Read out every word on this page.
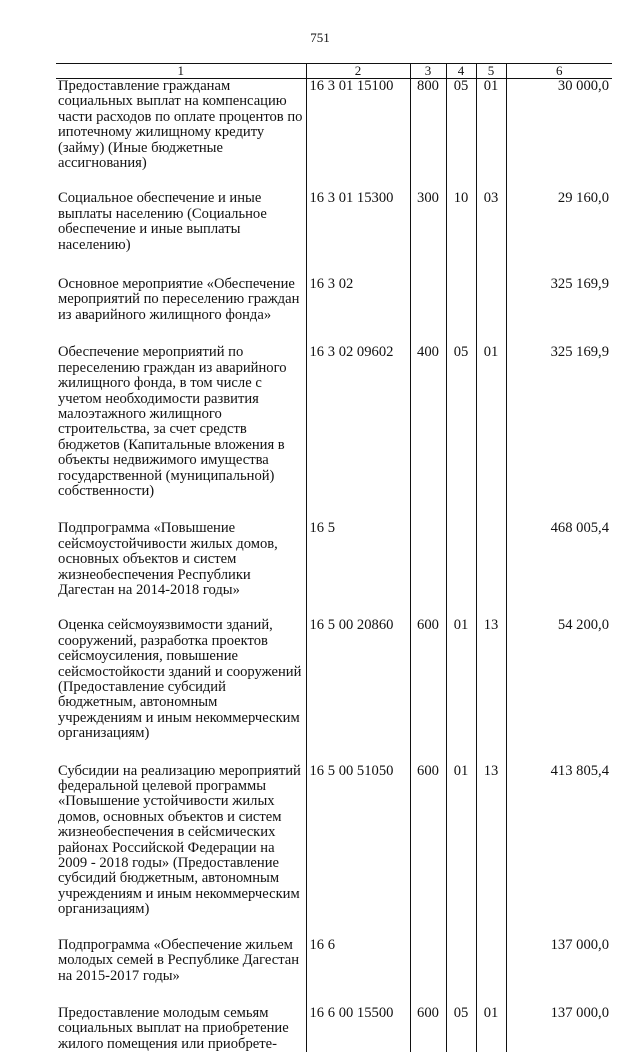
751
1	2	3	4	5	6
Предоставление гражданам социальных выплат на компенсацию части расходов по оплате процентов по ипотечному жилищному кредиту (займу) (Иные бюджетные ассигнования)	16 3 01 15100	800	05	01	30 000,0
Социальное обеспечение и иные выплаты населению (Социальное обеспечение и иные выплаты населению)	16 3 01 15300	300	10	03	29 160,0
Основное мероприятие «Обеспечение мероприятий по переселению граждан из аварийного жилищного фонда»	16 3 02				325 169,9
Обеспечение мероприятий по переселению граждан из аварийного жилищного фонда, в том числе с учетом необходимости развития малоэтажного жилищного строительства, за счет средств бюджетов (Капитальные вложения в объекты недвижимого имущества государственной (муниципальной) собственности)	16 3 02 09602	400	05	01	325 169,9
Подпрограмма «Повышение сейсмоустойчивости жилых домов, основных объектов и систем жизнеобеспечения Республики Дагестан на 2014-2018 годы»	16 5				468 005,4
Оценка сейсмоуязвимости зданий, сооружений, разработка проектов сейсмоусиления, повышение сейсмостойкости зданий и сооружений (Предоставление субсидий бюджетным, автономным учреждениям и иным некоммерческим организациям)	16 5 00 20860	600	01	13	54 200,0
Субсидии на реализацию мероприятий федеральной целевой программы «Повышение устойчивости жилых домов, основных объектов и систем жизнеобеспечения в сейсмических районах Российской Федерации на 2009 - 2018 годы» (Предоставление субсидий бюджетным, автономным учреждениям и иным некоммерческим организациям)	16 5 00 51050	600	01	13	413 805,4
Подпрограмма «Обеспечение жильем молодых семей в Республике Дагестан на 2015-2017 годы»	16 6				137 000,0
Предоставление молодым семьям социальных выплат на приобретение жилого помещения или приобрете-	16 6 00 15500	600	05	01	137 000,0
